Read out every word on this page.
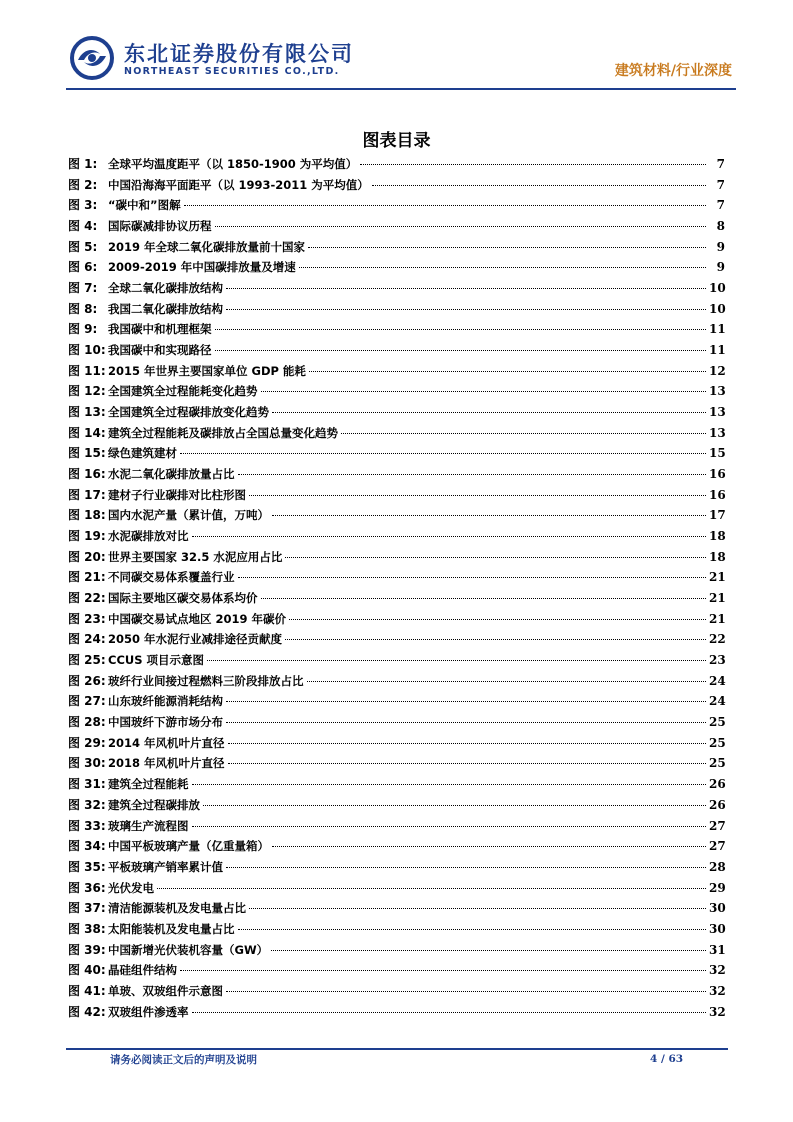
东北证券股份有限公司
NORTHEAST SECURITIES CO.,LTD.	建筑材料/行业深度
图表目录
图 1: 全球平均温度距平（以 1850-1900 为平均值）	7
图 2: 中国沿海海平面距平（以 1993-2011 为平均值）	7
图 3: “碳中和”图解	7
图 4: 国际碳减排协议历程	8
图 5: 2019 年全球二氧化碳排放量前十国家	9
图 6: 2009-2019 年中国碳排放量及增速	9
图 7: 全球二氧化碳排放结构	10
图 8: 我国二氧化碳排放结构	10
图 9: 我国碳中和机理框架	11
图 10: 我国碳中和实现路径	11
图 11: 2015 年世界主要国家单位 GDP 能耗	12
图 12: 全国建筑全过程能耗变化趋势	13
图 13: 全国建筑全过程碳排放变化趋势	13
图 14: 建筑全过程能耗及碳排放占全国总量变化趋势	13
图 15: 绿色建筑建材	15
图 16: 水泥二氧化碳排放量占比	16
图 17: 建材子行业碳排对比柱形图	16
图 18: 国内水泥产量（累计值，万吨）	17
图 19: 水泥碳排放对比	18
图 20: 世界主要国家 32.5 水泥应用占比	18
图 21: 不同碳交易体系覆盖行业	21
图 22: 国际主要地区碳交易体系均价	21
图 23: 中国碳交易试点地区 2019 年碳价	21
图 24: 2050 年水泥行业减排途径贡献度	22
图 25: CCUS 项目示意图	23
图 26: 玻纤行业间接过程燃料三阶段排放占比	24
图 27: 山东玻纤能源消耗结构	24
图 28: 中国玻纤下游市场分布	25
图 29: 2014 年风机叶片直径	25
图 30: 2018 年风机叶片直径	25
图 31: 建筑全过程能耗	26
图 32: 建筑全过程碳排放	26
图 33: 玻璃生产流程图	27
图 34: 中国平板玻璃产量（亿重量箱）	27
图 35: 平板玻璃产销率累计值	28
图 36: 光伏发电	29
图 37: 清洁能源装机及发电量占比	30
图 38: 太阳能装机及发电量占比	30
图 39: 中国新增光伏装机容量（GW）	31
图 40: 晶硅组件结构	32
图 41: 单玻、双玻组件示意图	32
图 42: 双玻组件渗透率	32
请务必阅读正文后的声明及说明	4 / 63
